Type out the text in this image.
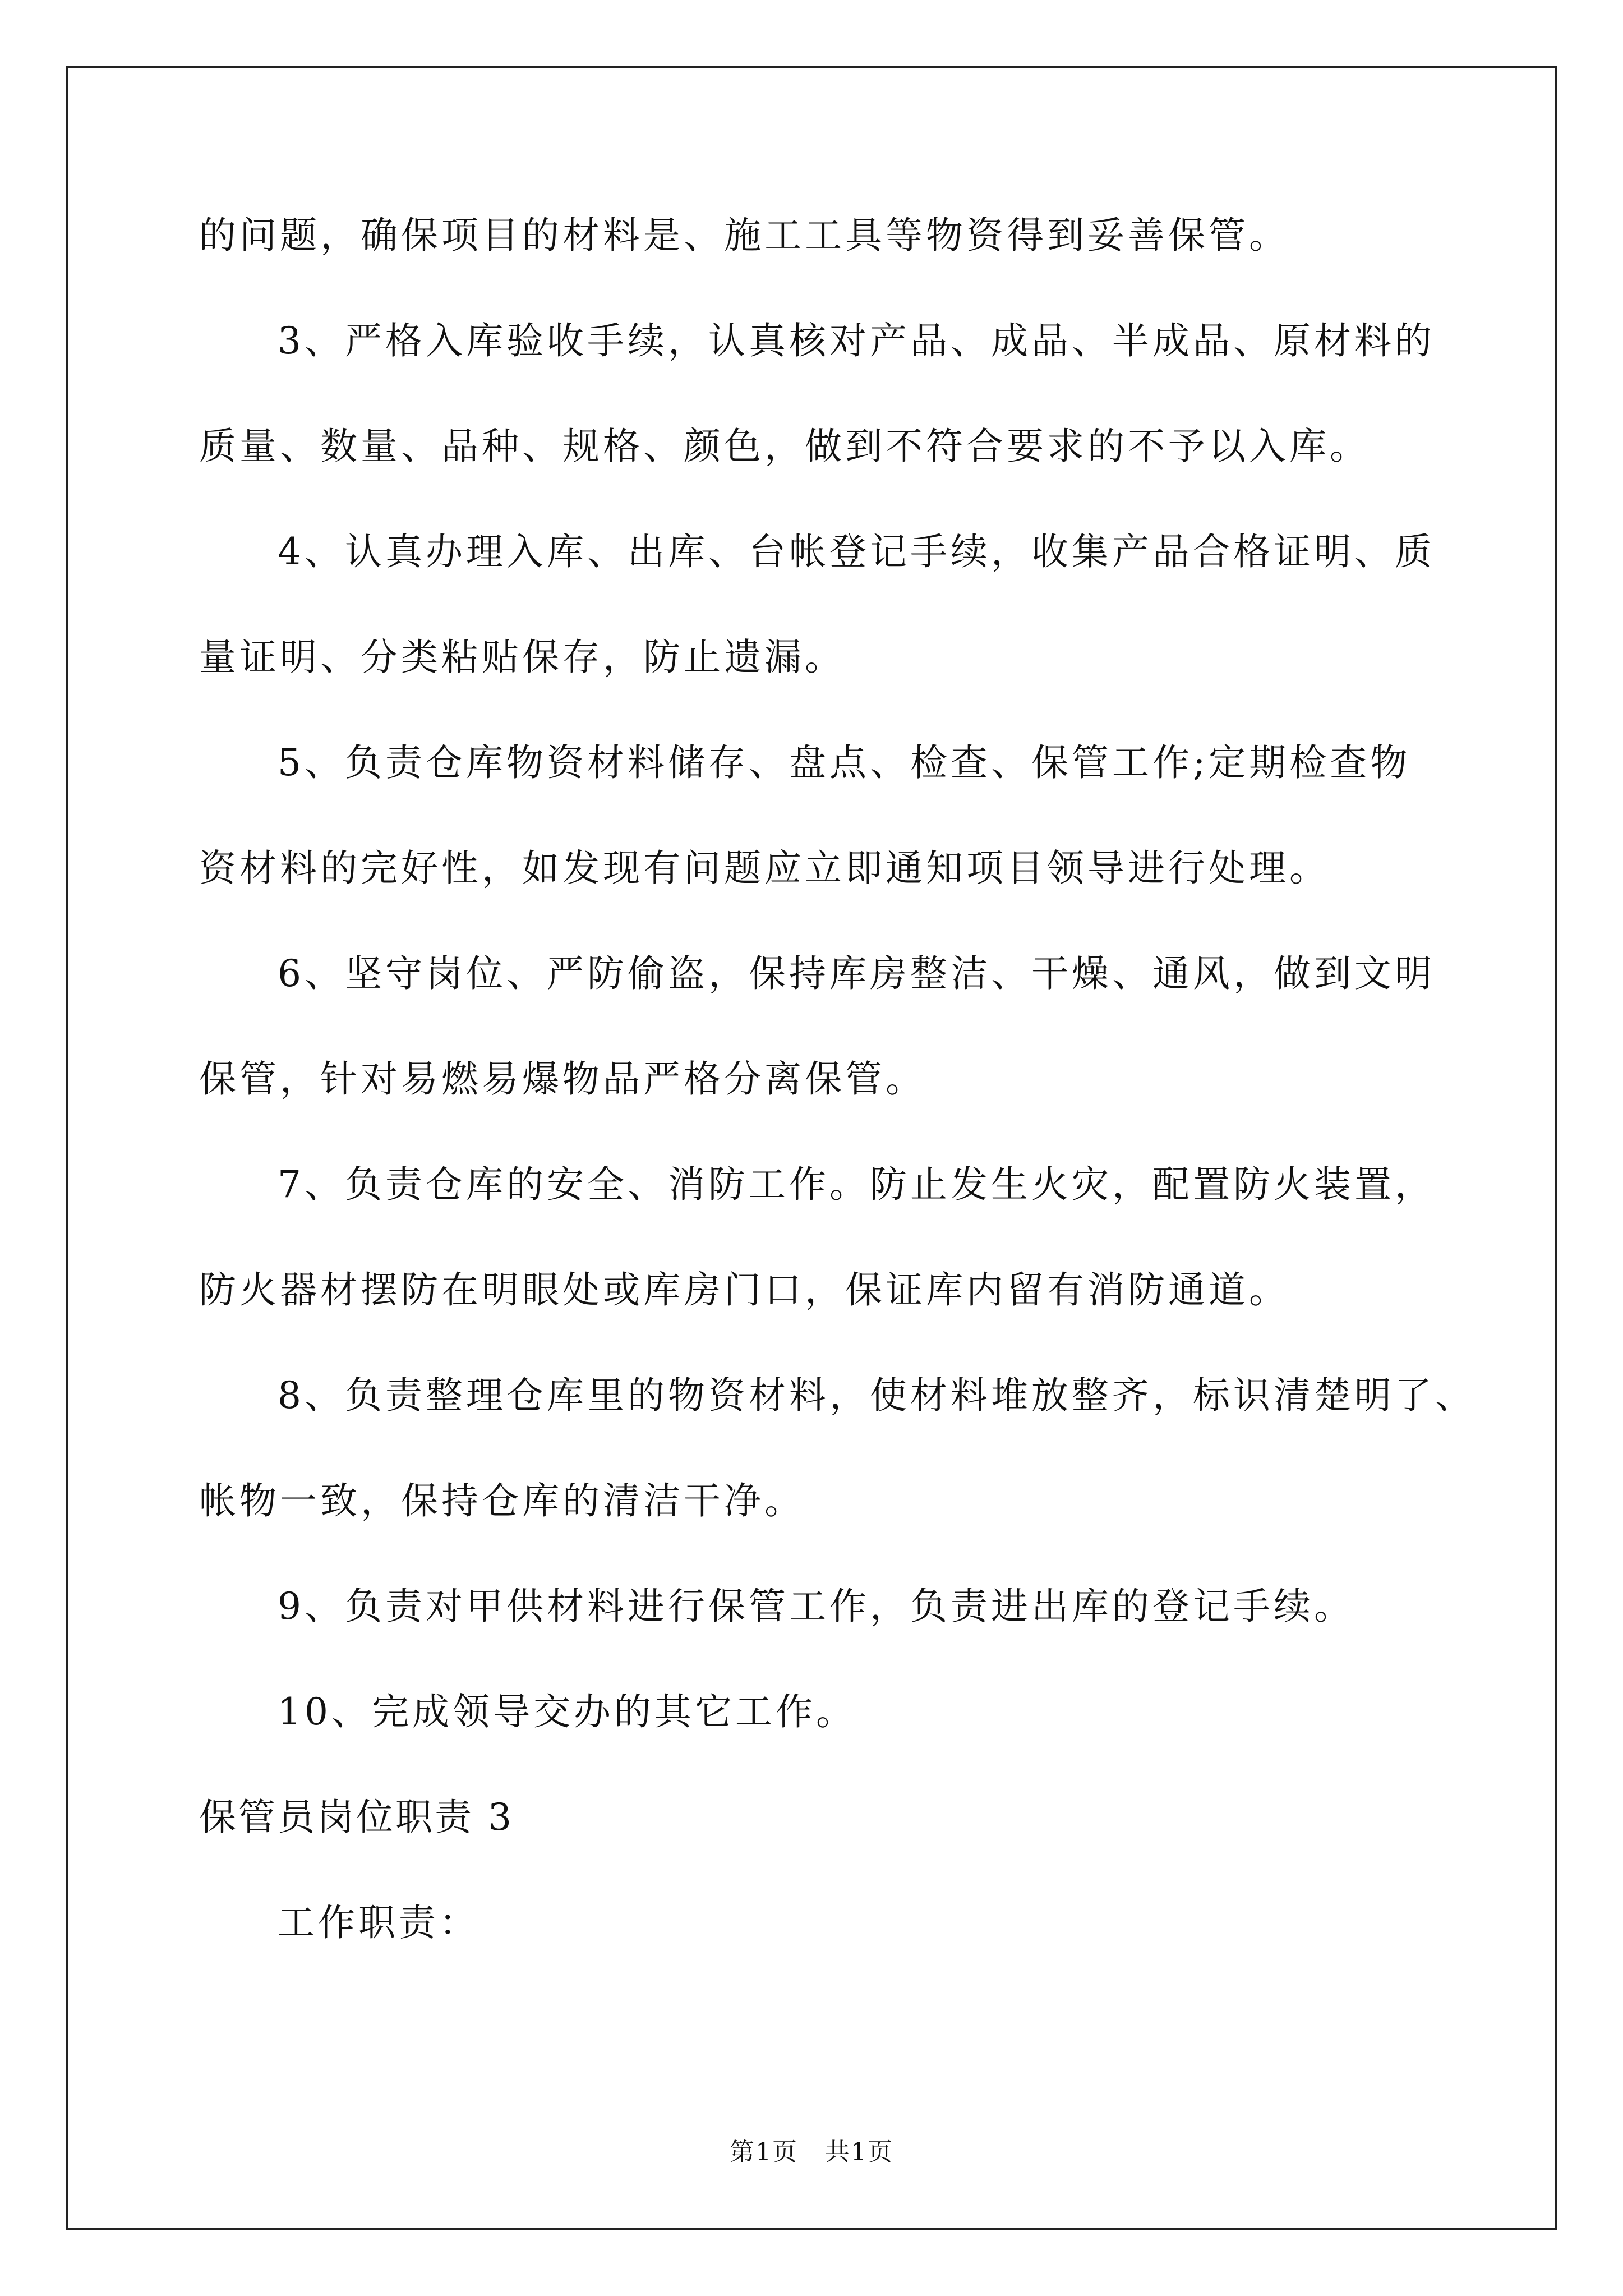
的问题，确保项目的材料是、施工工具等物资得到妥善保管。
3、严格入库验收手续，认真核对产品、成品、半成品、原材料的
质量、数量、品种、规格、颜色，做到不符合要求的不予以入库。
4、认真办理入库、出库、台帐登记手续，收集产品合格证明、质
量证明、分类粘贴保存，防止遗漏。
5、负责仓库物资材料储存、盘点、检查、保管工作;定期检查物
资材料的完好性，如发现有问题应立即通知项目领导进行处理。
6、坚守岗位、严防偷盗，保持库房整洁、干燥、通风，做到文明
保管，针对易燃易爆物品严格分离保管。
7、负责仓库的安全、消防工作。防止发生火灾，配置防火装置，
防火器材摆防在明眼处或库房门口，保证库内留有消防通道。
8、负责整理仓库里的物资材料，使材料堆放整齐，标识清楚明了、
帐物一致，保持仓库的清洁干净。
9、负责对甲供材料进行保管工作，负责进出库的登记手续。
10、完成领导交办的其它工作。
保管员岗位职责 3
工作职责：
第1页   共1页
